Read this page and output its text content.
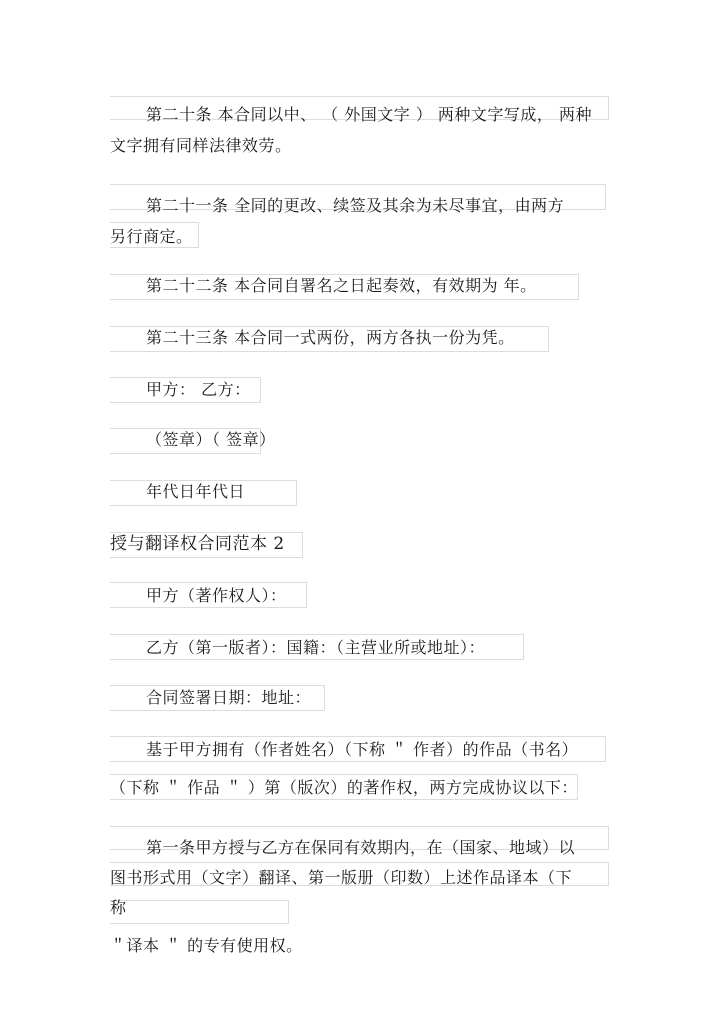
第二十条 本合同以中、 （ 外国文字 ） 两种文字写成， 两种
文字拥有同样法律效劳。
第二十一条 全同的更改、续签及其余为未尽事宜，由两方
另行商定。
第二十二条 本合同自署名之日起奏效，有效期为 年。
第二十三条 本合同一式两份，两方各执一份为凭。
甲方： 乙方：
（签章）（ 签章）
年代日年代日
授与翻译权合同范本 2
甲方（著作权人）：
乙方（第一版者）：国籍：（主营业所或地址）：
合同签署日期：地址：
基于甲方拥有（作者姓名）（下称 ＂ 作者）的作品（书名）
（下称 ＂ 作品 ＂ ）第（版次）的著作权，两方完成协议以下：
第一条甲方授与乙方在保同有效期内，在（国家、地域）以
图书形式用（文字）翻译、第一版册（印数）上述作品译本（下
称
＂译本 ＂ 的专有使用权。
